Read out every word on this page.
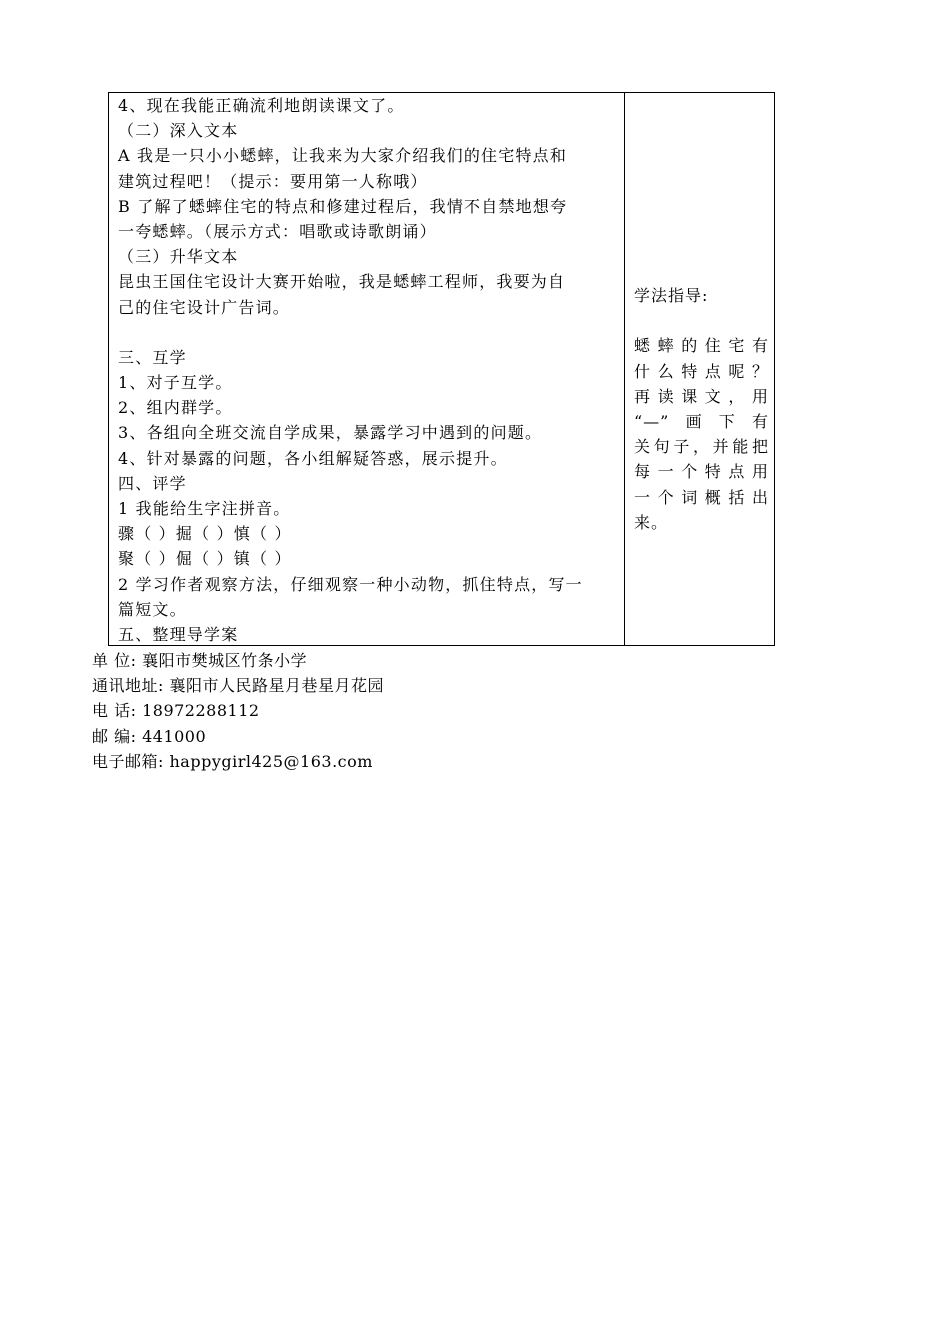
4、现在我能正确流利地朗读课文了。
（二）深入文本
A 我是一只小小蟋蟀，让我来为大家介绍我们的住宅特点和
建筑过程吧！（提示：要用第一人称哦）
B 了解了蟋蟀住宅的特点和修建过程后，我情不自禁地想夸
一夸蟋蟀。（展示方式：唱歌或诗歌朗诵）
（三）升华文本
昆虫王国住宅设计大赛开始啦，我是蟋蟀工程师，我要为自
己的住宅设计广告词。
三、互学
1、对子互学。
2、组内群学。
3、各组向全班交流自学成果，暴露学习中遇到的问题。
4、针对暴露的问题，各小组解疑答惑，展示提升。
四、评学
1 我能给生字注拼音。
骤（ ）掘（ ）慎（ ）
聚（ ）倔（ ）镇（ ）
2 学习作者观察方法，仔细观察一种小动物，抓住特点，写一
篇短文。
五、整理导学案
学法指导:
蟋蟀的住宅有
什么特点呢？
再读课文，用
“—”画下有
关句子，并能把
每一个特点用
一个词概括出
来。
单 位: 襄阳市樊城区竹条小学
通讯地址: 襄阳市人民路星月巷星月花园
电 话: 18972288112
邮 编: 441000
电子邮箱: happygirl425@163.com
